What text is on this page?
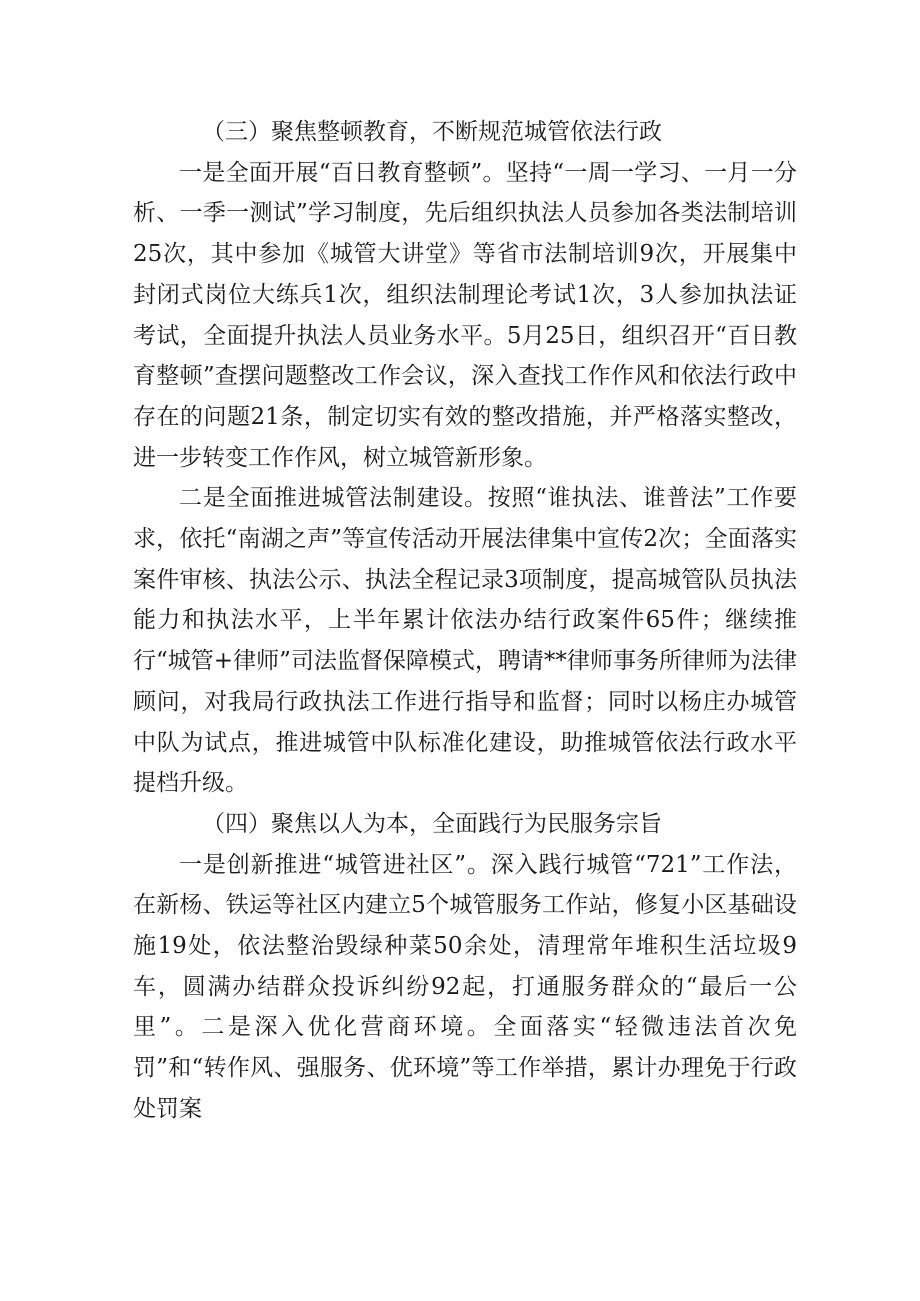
（三）聚焦整顿教育，不断规范城管依法行政

一是全面开展“百日教育整顿”。坚持“一周一学习、一月一分析、一季一测试”学习制度，先后组织执法人员参加各类法制培训25次，其中参加《城管大讲堂》等省市法制培训9次，开展集中封闭式岗位大练兵1次，组织法制理论考试1次，3人参加执法证考试，全面提升执法人员业务水平。5月25日，组织召开“百日教育整顿”查摆问题整改工作会议，深入查找工作作风和依法行政中存在的问题21条，制定切实有效的整改措施，并严格落实整改，进一步转变工作作风，树立城管新形象。

二是全面推进城管法制建设。按照“谁执法、谁普法”工作要求，依托“南湖之声”等宣传活动开展法律集中宣传2次；全面落实案件审核、执法公示、执法全程记录3项制度，提高城管队员执法能力和执法水平，上半年累计依法办结行政案件65件；继续推行“城管+律师”司法监督保障模式，聘请**律师事务所律师为法律顾问，对我局行政执法工作进行指导和监督；同时以杨庄办城管中队为试点，推进城管中队标准化建设，助推城管依法行政水平提档升级。

（四）聚焦以人为本，全面践行为民服务宗旨

一是创新推进“城管进社区”。深入践行城管“721”工作法，在新杨、铁运等社区内建立5个城管服务工作站，修复小区基础设施19处，依法整治毁绿种菜50余处，清理常年堆积生活垃圾9车，圆满办结群众投诉纠纷92起，打通服务群众的“最后一公里”。二是深入优化营商环境。全面落实“轻微违法首次免罚”和“转作风、强服务、优环境”等工作举措，累计办理免于行政处罚案
